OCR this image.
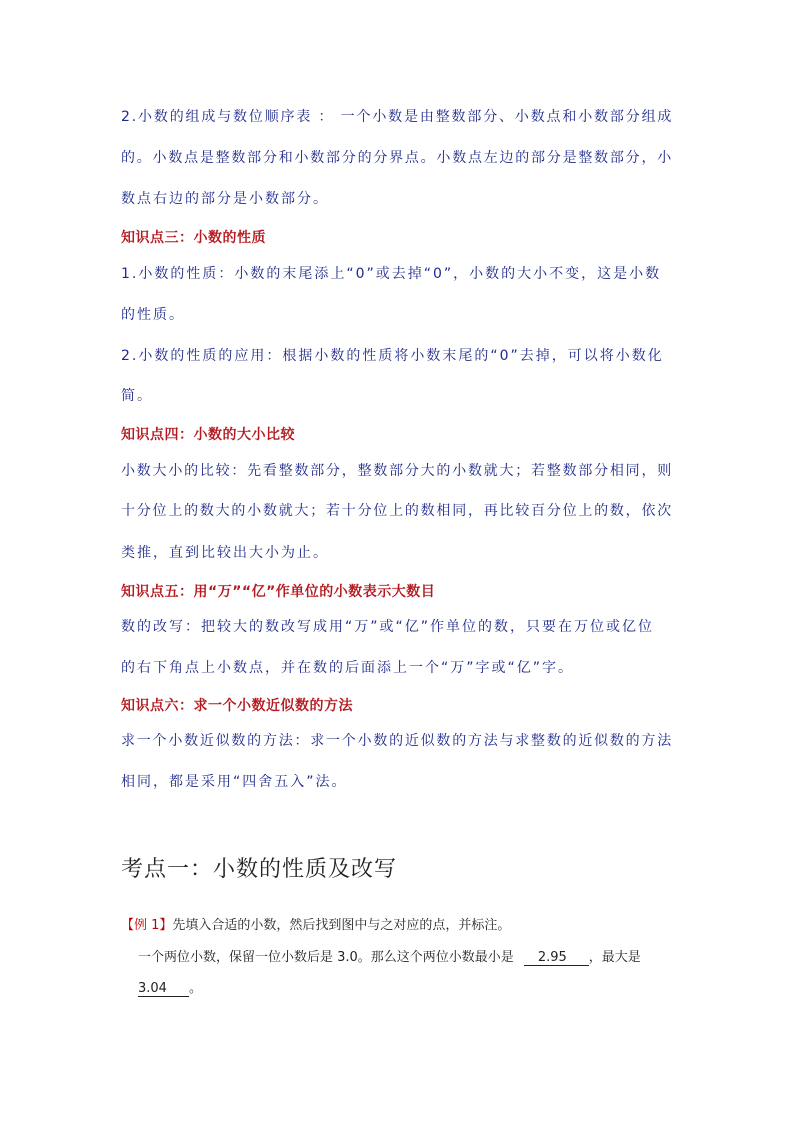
2.小数的组成与数位顺序表 ： 一个小数是由整数部分、小数点和小数部分组成
的。小数点是整数部分和小数部分的分界点。小数点左边的部分是整数部分，小
数点右边的部分是小数部分。
知识点三：小数的性质
1.小数的性质：小数的末尾添上“0”或去掉“0”，小数的大小不变，这是小数
的性质。
2.小数的性质的应用：根据小数的性质将小数末尾的“0”去掉，可以将小数化
简。
知识点四：小数的大小比较
小数大小的比较：先看整数部分，整数部分大的小数就大；若整数部分相同，则
十分位上的数大的小数就大；若十分位上的数相同，再比较百分位上的数，依次
类推，直到比较出大小为止。
知识点五：用“万”“亿”作单位的小数表示大数目
数的改写：把较大的数改写成用“万”或“亿”作单位的数，只要在万位或亿位
的右下角点上小数点，并在数的后面添上一个“万”字或“亿”字。
知识点六：求一个小数近似数的方法
求一个小数近似数的方法：求一个小数的近似数的方法与求整数的近似数的方法
相同，都是采用“四舍五入”法。
考点一：小数的性质及改写
【例 1】先填入合适的小数，然后找到图中与之对应的点，并标注。
一个两位小数，保留一位小数后是 3.0。那么这个两位小数最小是 2.95 ，最大是
3.04 。
